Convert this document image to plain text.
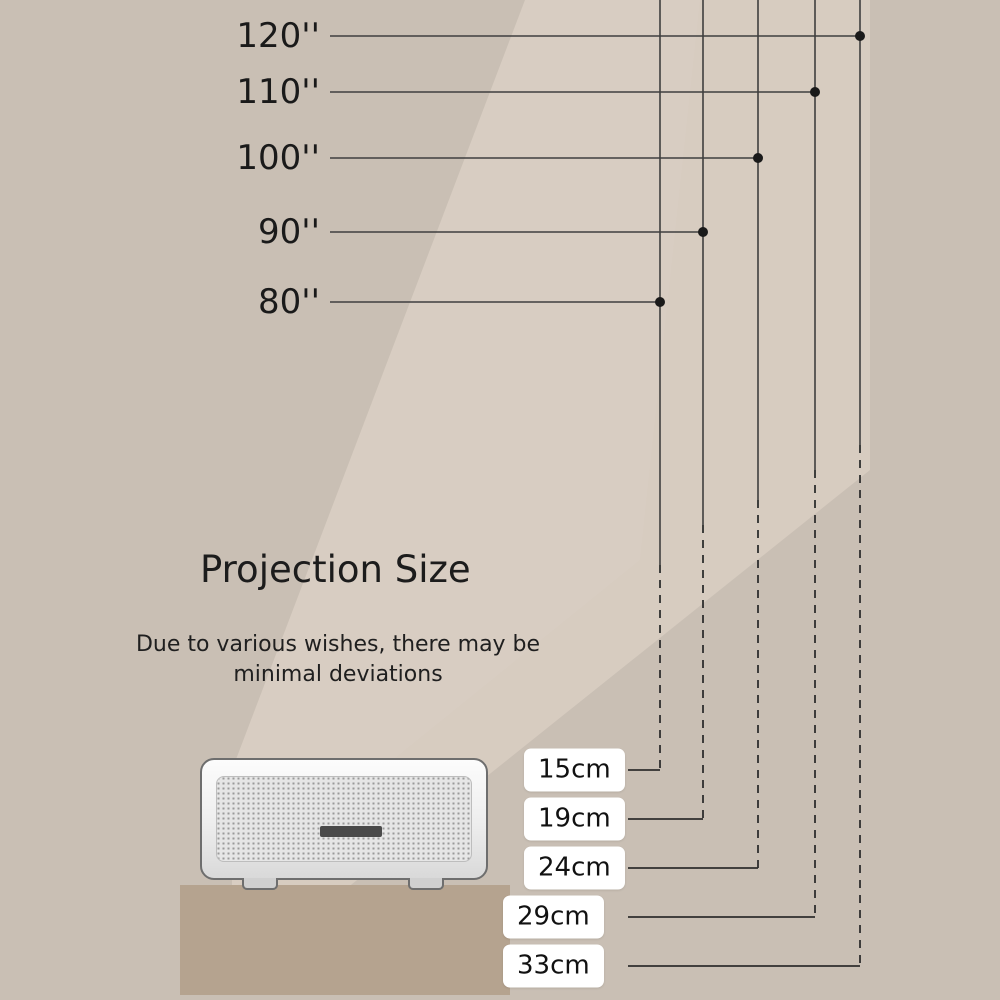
120''
110''
100''
90''
80''
Projection Size
Due to various wishes, there may be minimal deviations
15cm
19cm
24cm
29cm
33cm
